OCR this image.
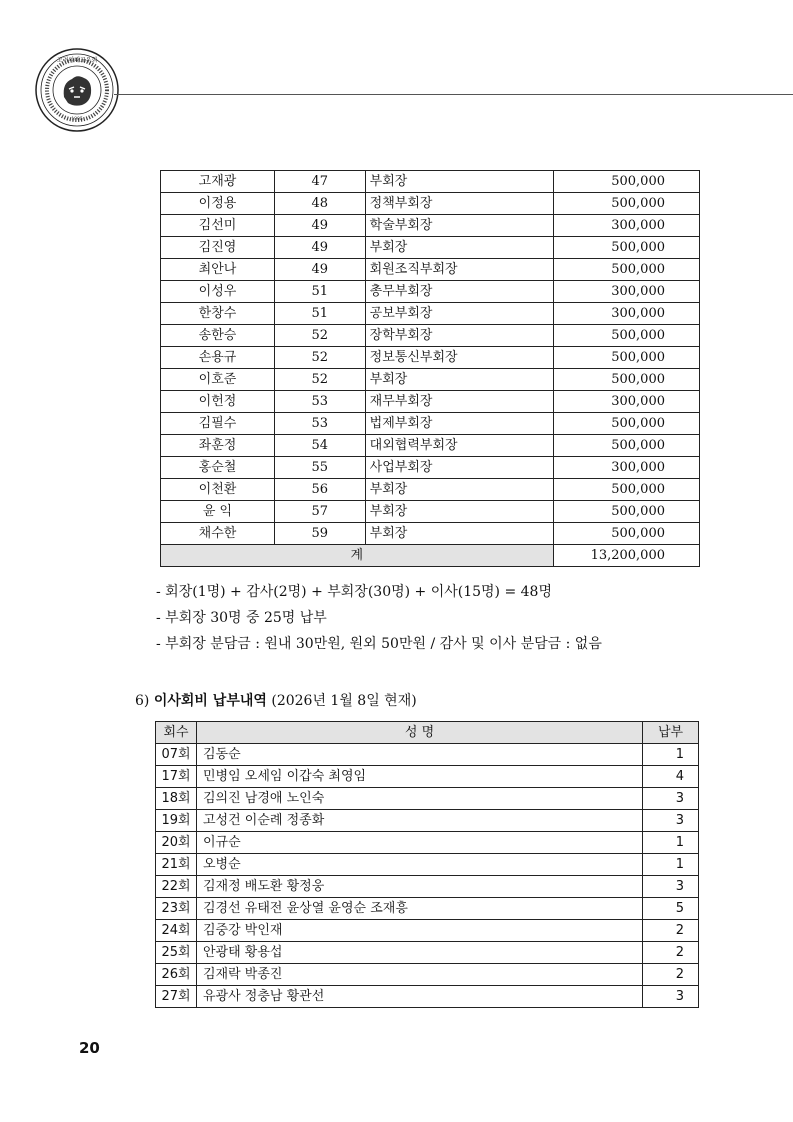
고려의대교우회
1905
고재광	47	부회장	500,000
이정용	48	정책부회장	500,000
김선미	49	학술부회장	300,000
김진영	49	부회장	500,000
최안나	49	회원조직부회장	500,000
이성우	51	총무부회장	300,000
한창수	51	공보부회장	300,000
송한승	52	장학부회장	500,000
손용규	52	정보통신부회장	500,000
이호준	52	부회장	500,000
이헌정	53	재무부회장	300,000
김필수	53	법제부회장	500,000
좌훈정	54	대외협력부회장	500,000
홍순철	55	사업부회장	300,000
이천환	56	부회장	500,000
윤 익	57	부회장	500,000
채수한	59	부회장	500,000
계			13,200,000
- 회장(1명) + 감사(2명) + 부회장(30명) + 이사(15명) = 48명
- 부회장 30명 중 25명 납부
- 부회장 분담금 : 원내 30만원, 원외 50만원 / 감사 및 이사 분담금 : 없음
6) 이사회비 납부내역 (2026년 1월 8일 현재)
회수	성 명	납부
07회	김동순	1
17회	민병임 오세임 이갑숙 최영임	4
18회	김의진 남경애 노인숙	3
19회	고성건 이순례 정종화	3
20회	이규순	1
21회	오병순	1
22회	김재정 배도환 황정웅	3
23회	김경선 유태전 윤상열 윤영순 조재흥	5
24회	김중강 박인재	2
25회	안광태 황용섭	2
26회	김재락 박종진	2
27회	유광사 정충남 황관선	3
20
